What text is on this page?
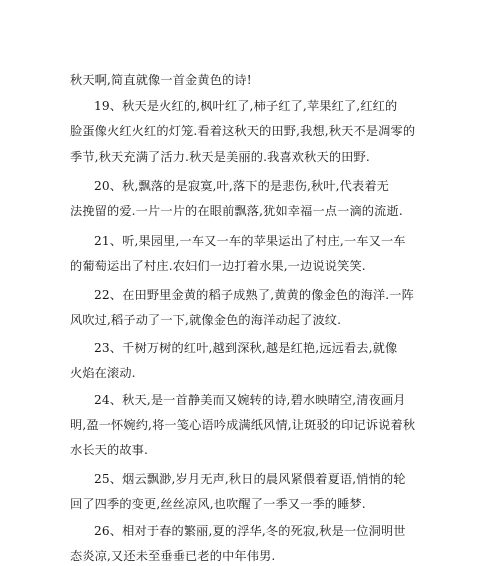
秋天啊,简直就像一首金黄色的诗!
19、秋天是火红的,枫叶红了,柿子红了,苹果红了,红红的
脸蛋像火红火红的灯笼.看着这秋天的田野,我想,秋天不是凋零的
季节,秋天充满了活力.秋天是美丽的.我喜欢秋天的田野.
20、秋,飘落的是寂寞,叶,落下的是悲伤,秋叶,代表着无
法挽留的爱.一片一片的在眼前飘落,犹如幸福一点一滴的流逝.
21、听,果园里,一车又一车的苹果运出了村庄,一车又一车
的葡萄运出了村庄.农妇们一边打着水果,一边说说笑笑.
22、在田野里金黄的稻子成熟了,黄黄的像金色的海洋.一阵
风吹过,稻子动了一下,就像金色的海洋动起了波纹.
23、千树万树的红叶,越到深秋,越是红艳,远远看去,就像
火焰在滚动.
24、秋天,是一首静美而又婉转的诗,碧水映晴空,清夜画月
明,盈一怀婉约,将一笺心语吟成满纸风情,让斑驳的印记诉说着秋
水长天的故事.
25、烟云飘渺,岁月无声,秋日的晨风紧偎着夏语,悄悄的轮
回了四季的变更,丝丝凉风,也吹醒了一季又一季的睡梦.
26、相对于春的繁丽,夏的浮华,冬的死寂,秋是一位洞明世
态炎凉,又还未至垂垂已老的中年伟男.
